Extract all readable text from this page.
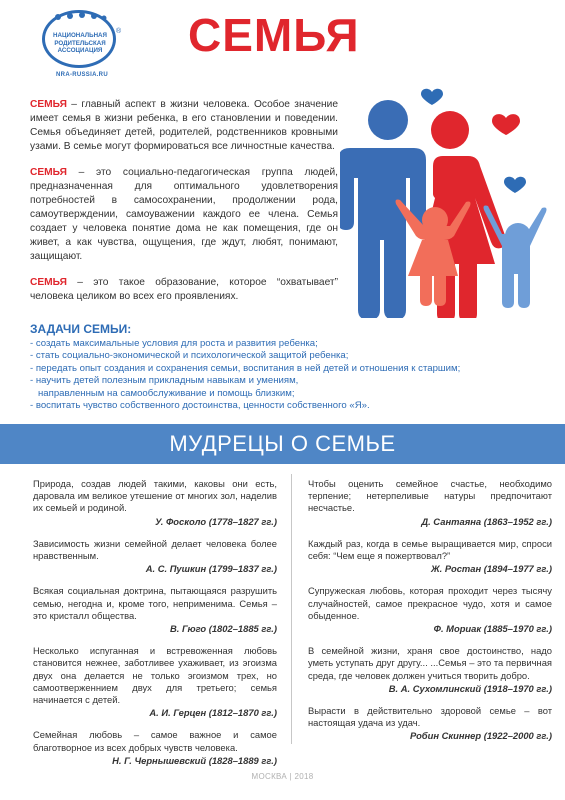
НАЦИОНАЛЬНАЯ
РОДИТЕЛЬСКАЯ
АССОЦИАЦИЯ
®
NRA-RUSSIA.RU
СЕМЬЯ

СЕМЬЯ – главный аспект в жизни человека. Особое значение имеет семья в жизни ребенка, в его становлении и поведении. Семья объединяет детей, родителей, родственников кровными узами. В семье могут формироваться все личностные качества.

СЕМЬЯ – это социально-педагогическая группа людей, предназначенная для оптимального удовлетворения потребностей в самосохранении, продолжении рода, самоутверждении, самоуважении каждого ее члена. Семья создает у человека понятие дома не как помещения, где он живет, а как чувства, ощущения, где ждут, любят, понимают, защищают.

СЕМЬЯ – это такое образование, которое “охватывает” человека целиком во всех его проявлениях.

ЗАДАЧИ СЕМЬИ:
- создать максимальные условия для роста и развития ребенка;
- стать социально-экономической и психологической защитой ребенка;
- передать опыт создания и сохранения семьи, воспитания в ней детей и отношения к старшим;
- научить детей полезным прикладным навыкам и умениям,
направленным на самообслуживание и помощь близким;
- воспитать чувство собственного достоинства, ценности собственного «Я».
МУДРЕЦЫ О СЕМЬЕ
Природа, создав людей такими, каковы они есть, даровала им великое утешение от многих зол, наделив их семьей и родиной.
У. Фосколо (1778–1827 гг.)
Зависимость жизни семейной делает человека более нравственным.
А. С. Пушкин (1799–1837 гг.)
Всякая социальная доктрина, пытающаяся разрушить семью, негодна и, кроме того, неприменима. Семья – это кристалл общества.
В. Гюго (1802–1885 гг.)
Несколько испуганная и встревоженная любовь становится нежнее, заботливее ухаживает, из эгоизма двух она делается не только эгоизмом трех, но самоотверженнием двух для третьего; семья начинается с детей.
А. И. Герцен (1812–1870 гг.)
Семейная любовь – самое важное и самое благотворное из всех добрых чувств человека.
Н. Г. Чернышевский (1828–1889 гг.)
Чтобы оценить семейное счастье, необходимо терпение; нетерпеливые натуры предпочитают несчастье.
Д. Сантаяна (1863–1952 гг.)
Каждый раз, когда в семье выращивается мир, спроси себя: “Чем еще я пожертвовал?”
Ж. Ростан (1894–1977 гг.)
Супружеская любовь, которая проходит через тысячу случайностей, самое прекрасное чудо, хотя и самое обыденное.
Ф. Мориак (1885–1970 гг.)
В семейной жизни, храня свое достоинство, надо уметь уступать друг другу... ...Семья – это та первичная среда, где человек должен учиться творить добро.
В. А. Сухомлинский (1918–1970 гг.)
Вырасти в действительно здоровой семье – вот настоящая удача из удач.
Робин Скиннер (1922–2000 гг.)
МОСКВА | 2018
